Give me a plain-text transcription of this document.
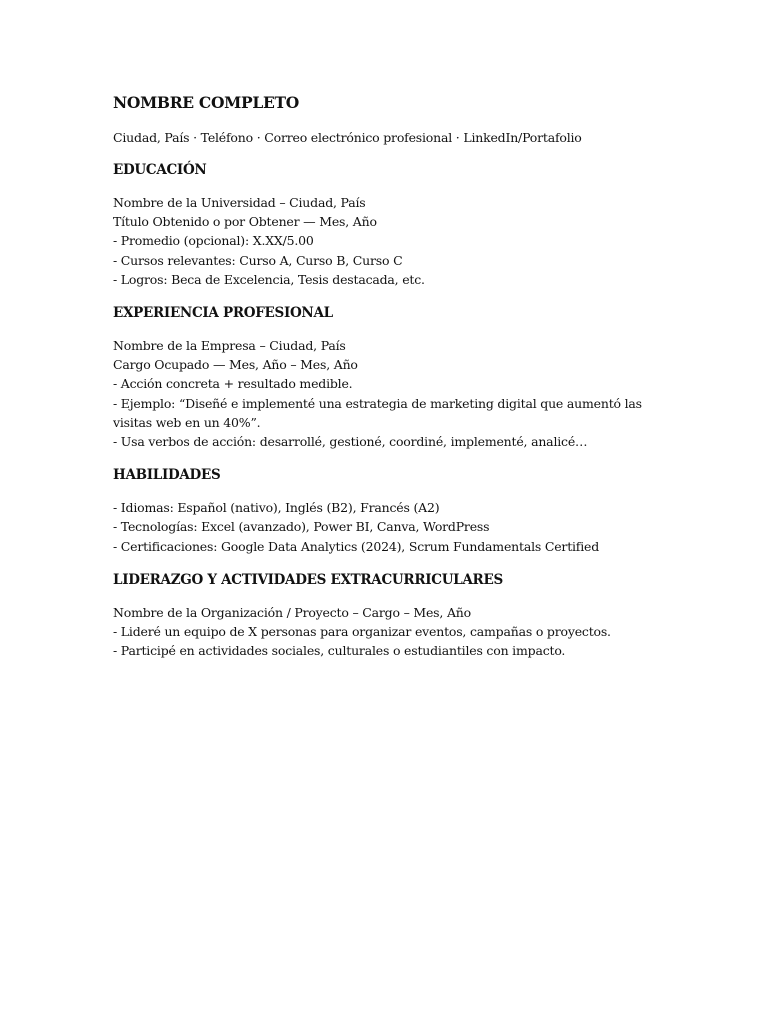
NOMBRE COMPLETO
Ciudad, País · Teléfono · Correo electrónico profesional · LinkedIn/Portafolio
EDUCACIÓN
Nombre de la Universidad – Ciudad, País
Título Obtenido o por Obtener — Mes, Año
- Promedio (opcional): X.XX/5.00
- Cursos relevantes: Curso A, Curso B, Curso C
- Logros: Beca de Excelencia, Tesis destacada, etc.
EXPERIENCIA PROFESIONAL
Nombre de la Empresa – Ciudad, País
Cargo Ocupado — Mes, Año – Mes, Año
- Acción concreta + resultado medible.
- Ejemplo: “Diseñé e implementé una estrategia de marketing digital que aumentó las visitas web en un 40%”.
- Usa verbos de acción: desarrollé, gestioné, coordiné, implementé, analicé…
HABILIDADES
- Idiomas: Español (nativo), Inglés (B2), Francés (A2)
- Tecnologías: Excel (avanzado), Power BI, Canva, WordPress
- Certificaciones: Google Data Analytics (2024), Scrum Fundamentals Certified
LIDERAZGO Y ACTIVIDADES EXTRACURRICULARES
Nombre de la Organización / Proyecto – Cargo – Mes, Año
- Lideré un equipo de X personas para organizar eventos, campañas o proyectos.
- Participé en actividades sociales, culturales o estudiantiles con impacto.
